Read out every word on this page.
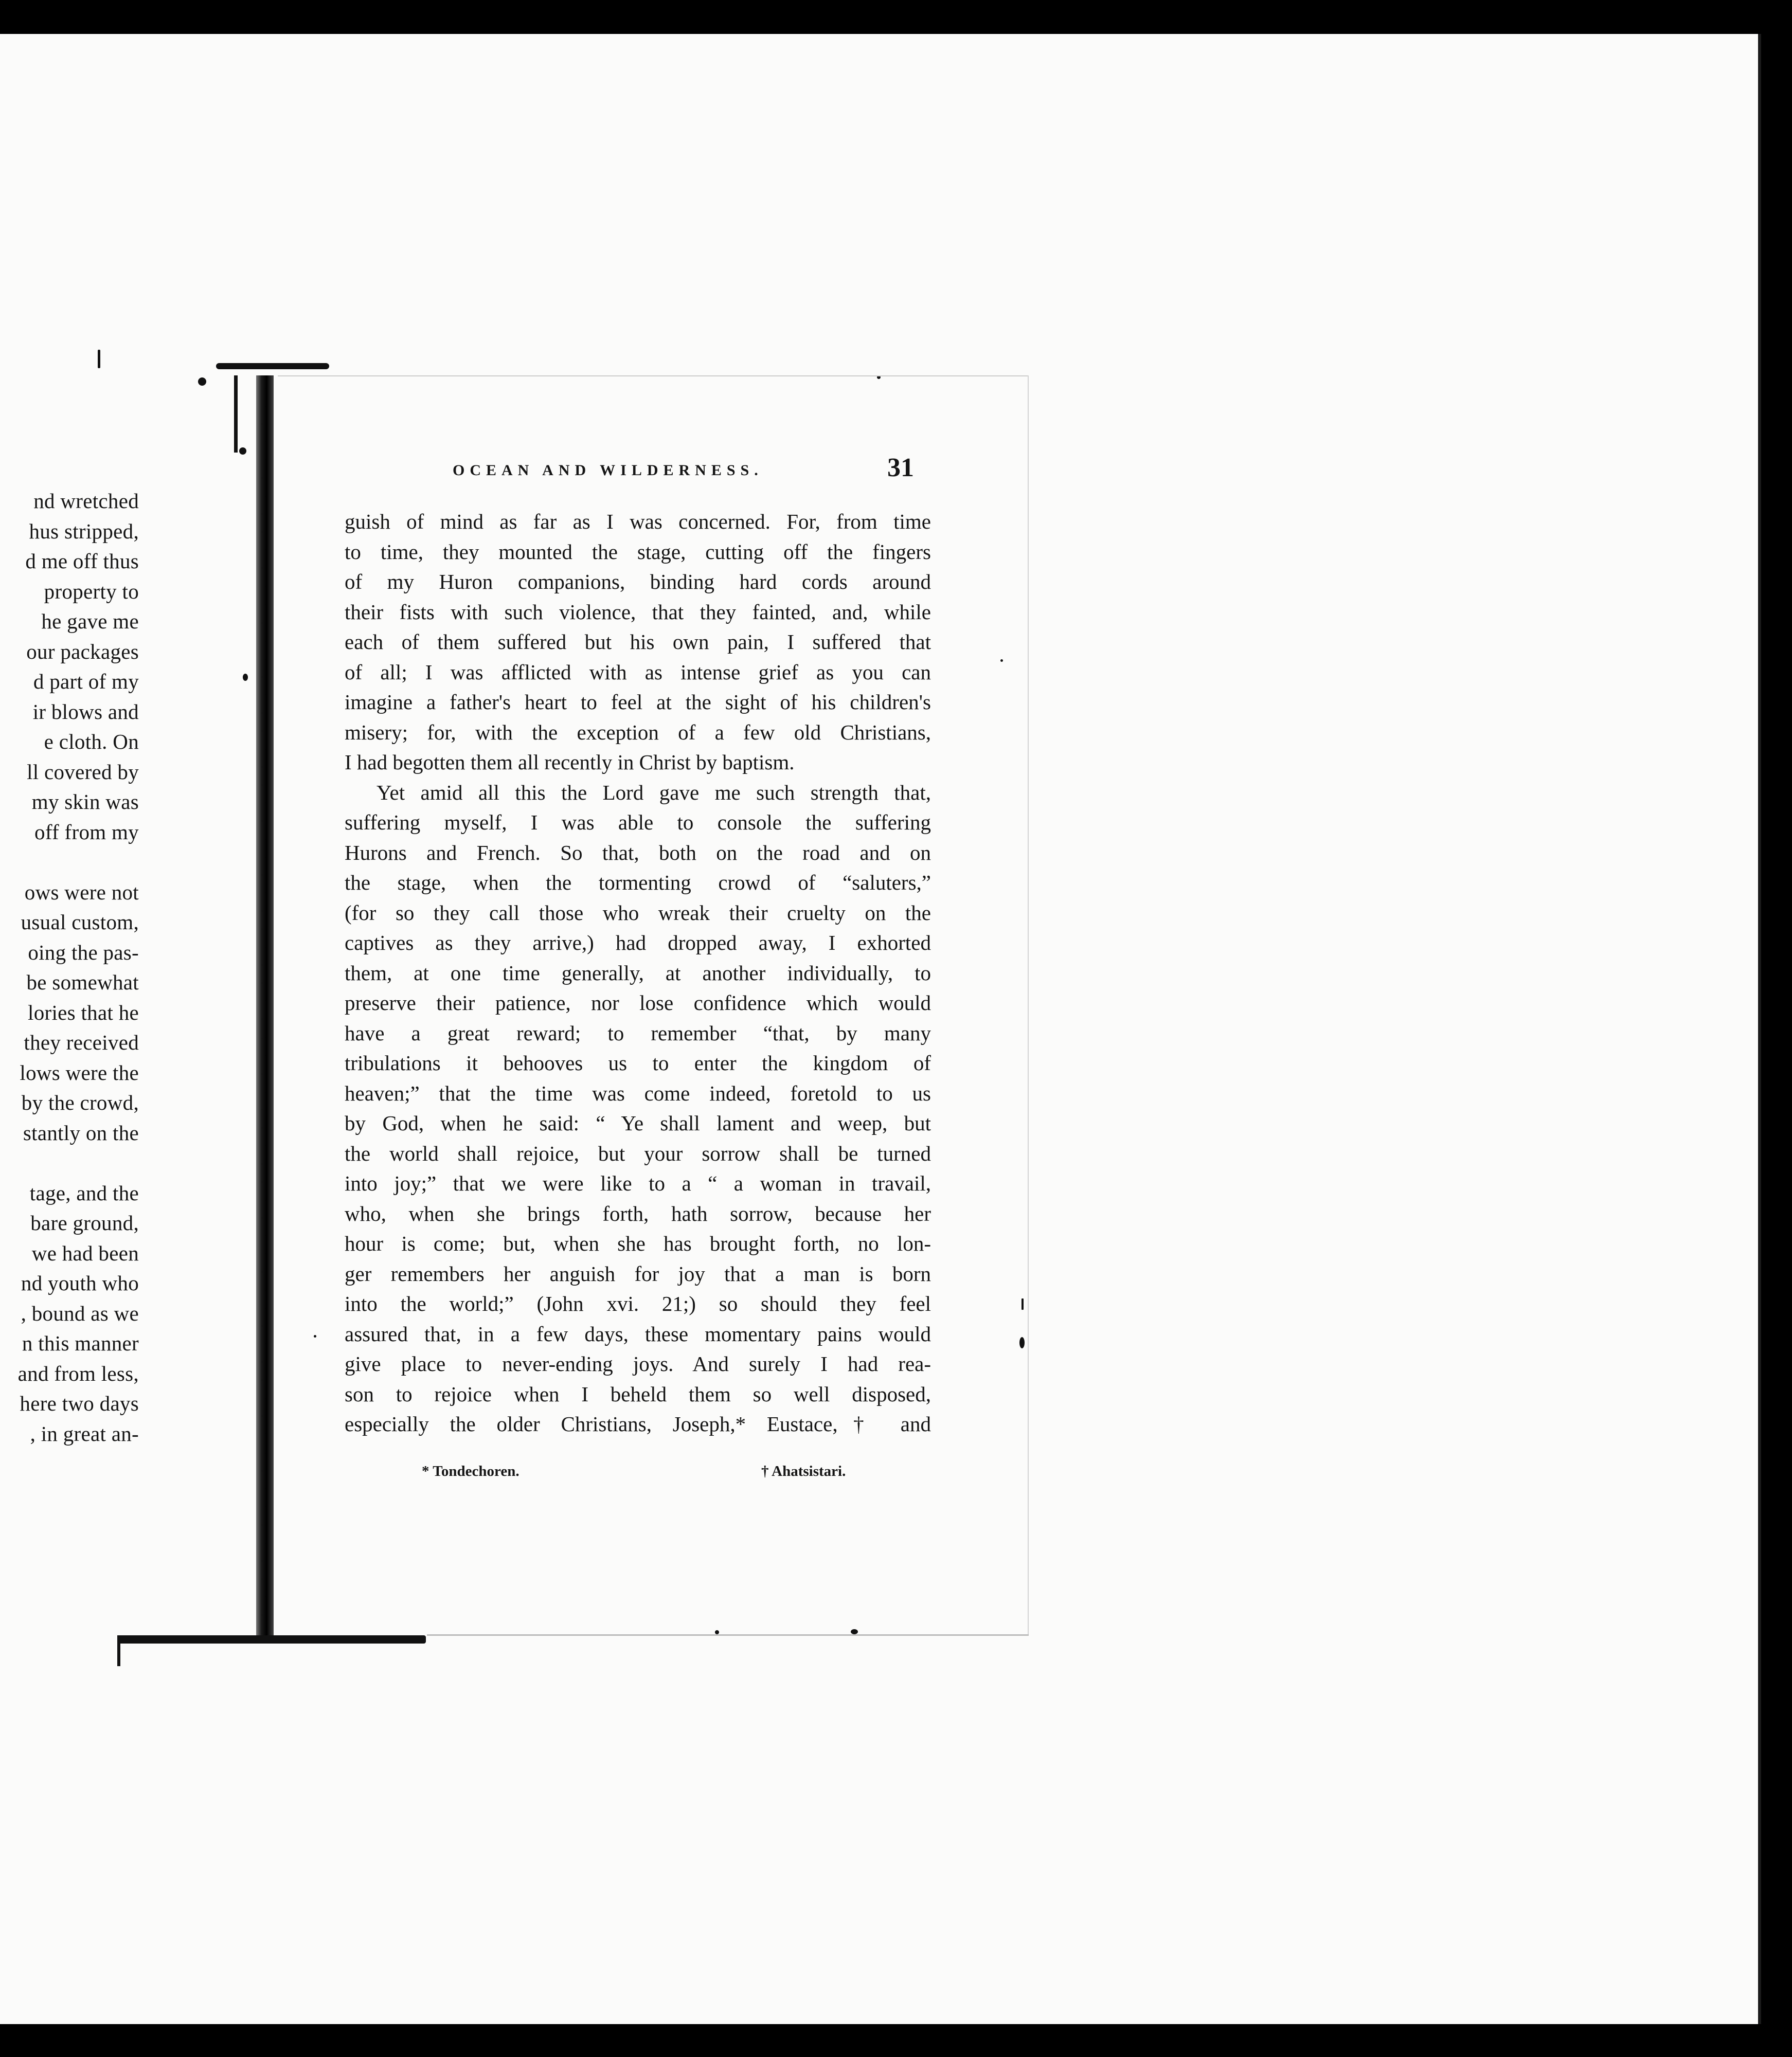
nd wretched
hus stripped,
d me off thus
property to
he gave me
our packages
d part of my
ir blows and
e cloth. On
ll covered by
my skin was
off from my
ows were not
usual custom,
oing the pas-
be somewhat
lories that he
they received
lows were the
by the crowd,
stantly on the
tage, and the
bare ground,
we had been
nd youth who
, bound as we
n this manner
and from less,
here two days
, in great an-
OCEAN AND WILDERNESS.	31
guish of mind as far as I was concerned. For, from time
to time, they mounted the stage, cutting off the fingers
of my Huron companions, binding hard cords around
their fists with such violence, that they fainted, and, while
each of them suffered but his own pain, I suffered that
of all; I was afflicted with as intense grief as you can
imagine a father's heart to feel at the sight of his children's
misery; for, with the exception of a few old Christians,
I had begotten them all recently in Christ by baptism.
Yet amid all this the Lord gave me such strength that,
suffering myself, I was able to console the suffering
Hurons and French. So that, both on the road and on
the stage, when the tormenting crowd of “saluters,”
(for so they call those who wreak their cruelty on the
captives as they arrive,) had dropped away, I exhorted
them, at one time generally, at another individually, to
preserve their patience, nor lose confidence which would
have a great reward; to remember “that, by many
tribulations it behooves us to enter the kingdom of
heaven;” that the time was come indeed, foretold to us
by God, when he said: “ Ye shall lament and weep, but
the world shall rejoice, but your sorrow shall be turned
into joy;” that we were like to a “ a woman in travail,
who, when she brings forth, hath sorrow, because her
hour is come; but, when she has brought forth, no lon-
ger remembers her anguish for joy that a man is born
into the world;” (John xvi. 21;) so should they feel
assured that, in a few days, these momentary pains would
give place to never-ending joys. And surely I had rea-
son to rejoice when I beheld them so well disposed,
especially the older Christians, Joseph,* Eustace,† and
* Tondechoren.	† Ahatsistari.
